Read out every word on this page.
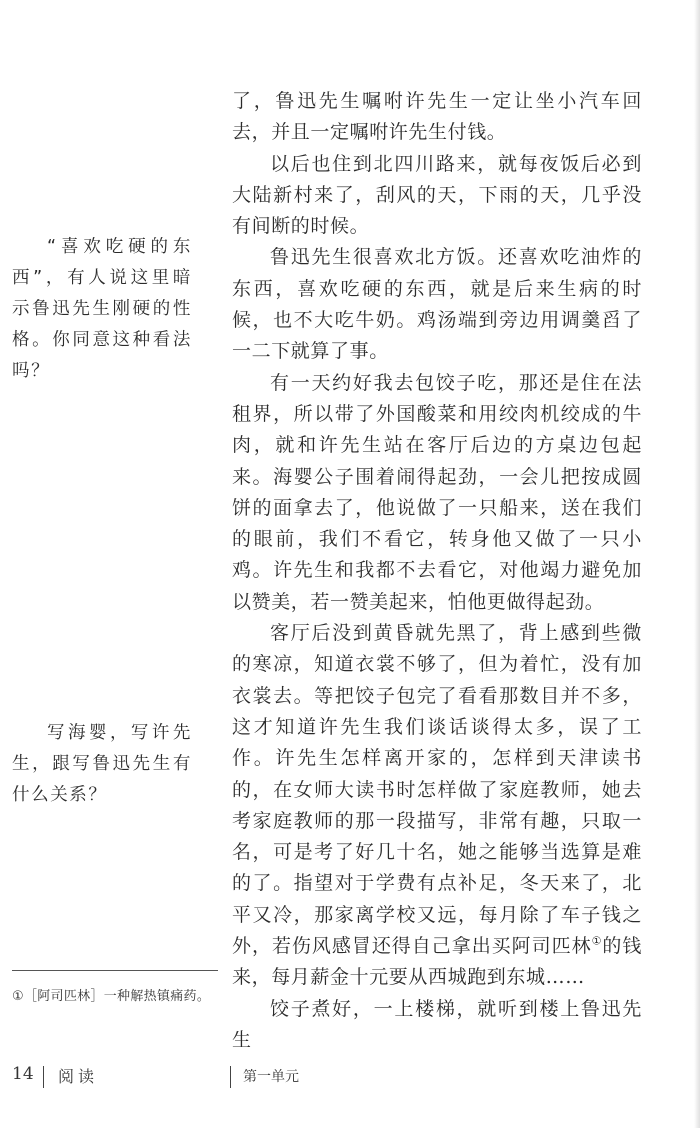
了，鲁迅先生嘱咐许先生一定让坐小汽车回去，并且一定嘱咐许先生付钱。

以后也住到北四川路来，就每夜饭后必到大陆新村来了，刮风的天，下雨的天，几乎没有间断的时候。

鲁迅先生很喜欢北方饭。还喜欢吃油炸的东西，喜欢吃硬的东西，就是后来生病的时候，也不大吃牛奶。鸡汤端到旁边用调羹舀了一二下就算了事。

有一天约好我去包饺子吃，那还是住在法租界，所以带了外国酸菜和用绞肉机绞成的牛肉，就和许先生站在客厅后边的方桌边包起来。海婴公子围着闹得起劲，一会儿把按成圆饼的面拿去了，他说做了一只船来，送在我们的眼前，我们不看它，转身他又做了一只小鸡。许先生和我都不去看它，对他竭力避免加以赞美，若一赞美起来，怕他更做得起劲。

客厅后没到黄昏就先黑了，背上感到些微的寒凉，知道衣裳不够了，但为着忙，没有加衣裳去。等把饺子包完了看看那数目并不多，这才知道许先生我们谈话谈得太多，误了工作。许先生怎样离开家的，怎样到天津读书的，在女师大读书时怎样做了家庭教师，她去考家庭教师的那一段描写，非常有趣，只取一名，可是考了好几十名，她之能够当选算是难的了。指望对于学费有点补足，冬天来了，北平又冷，那家离学校又远，每月除了车子钱之外，若伤风感冒还得自己拿出买阿司匹林①的钱来，每月薪金十元要从西城跑到东城……

饺子煮好，一上楼梯，就听到楼上鲁迅先生

“喜欢吃硬的东西”，有人说这里暗示鲁迅先生刚硬的性格。你同意这种看法吗？

写海婴，写许先生，跟写鲁迅先生有什么关系？

①［阿司匹林］一种解热镇痛药。

14 阅读	第一单元
